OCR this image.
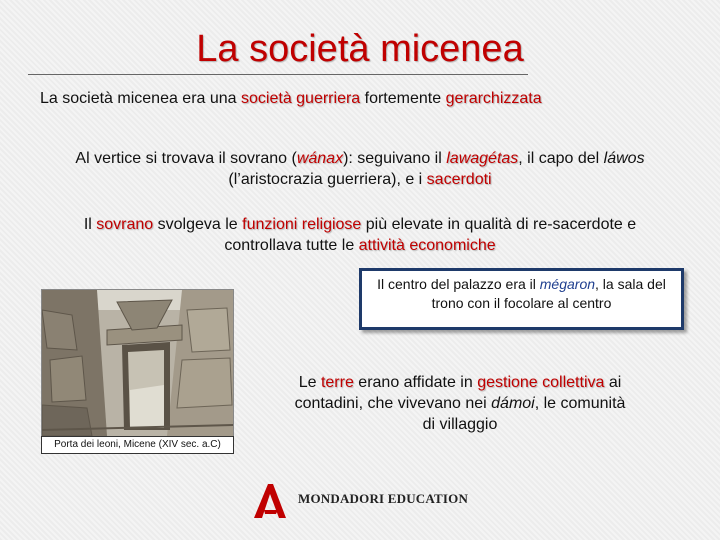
La società micenea

La società micenea era una società guerriera fortemente gerarchizzata

Al vertice si trovava il sovrano (wánax): seguivano il lawagétas, il capo del láwos (l’aristocrazia guerriera), e i sacerdoti

Il sovrano svolgeva le funzioni religiose più elevate in qualità di re-sacerdote e controllava tutte le attività economiche

Il centro del palazzo era il mégaron, la sala del trono con il focolare al centro
Porta dei leoni, Micene (XIV sec. a.C)

Le terre erano affidate in gestione collettiva ai contadini, che vivevano nei dámoi, le comunità di villaggio

MONDADORI EDUCATION
